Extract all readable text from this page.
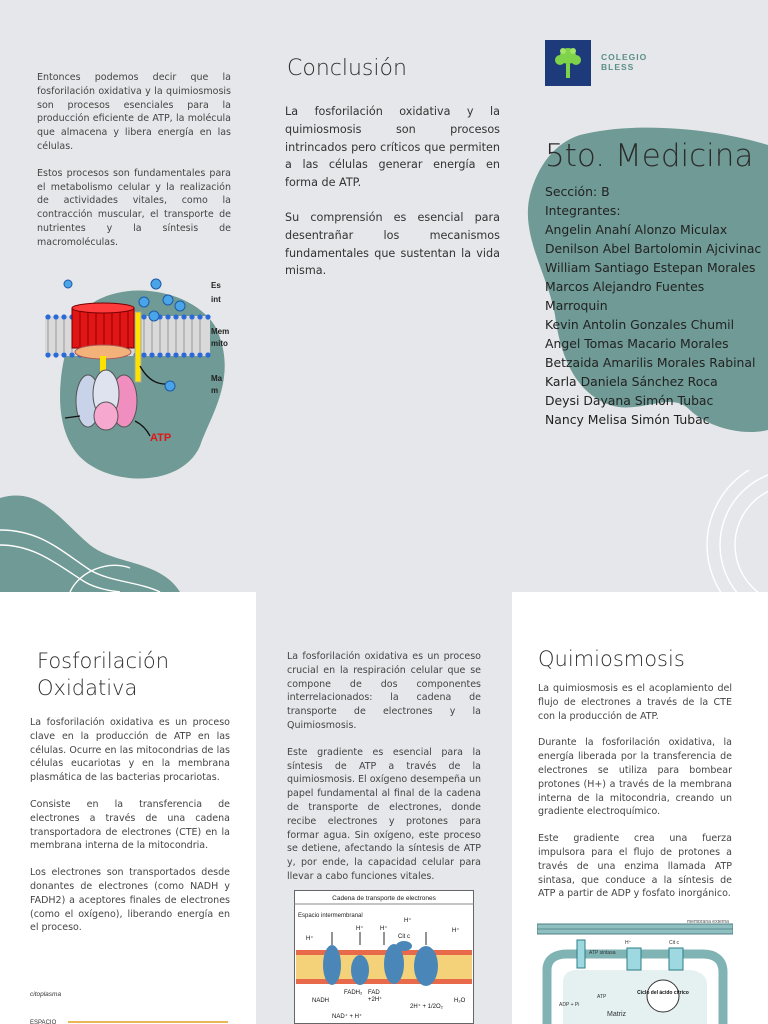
Entonces podemos decir que la fosforilación oxidativa y la quimiosmosis son procesos esenciales para la producción eficiente de ATP, la molécula que almacena y libera energía en las células.

Estos procesos son fundamentales para el metabolismo celular y la realización de actividades vitales, como la contracción muscular, el transporte de nutrientes y la síntesis de macromoléculas.

Es
int
Mem
mito
Ma
m
ATP
Conclusión

La fosforilación oxidativa y la quimiosmosis son procesos intrincados pero críticos que permiten a las células generar energía en forma de ATP.

Su comprensión es esencial para desentrañar los mecanismos fundamentales que sustentan la vida misma.

COLEGIO
BLESS
5to. Medicina
Sección: B
Integrantes:
Angelin Anahí Alonzo Miculax
Denilson Abel Bartolomin Ajcivinac
William Santiago Estepan Morales
Marcos Alejandro Fuentes Marroquin
Kevin Antolin Gonzales Chumil
Angel Tomas Macario Morales
Betzaida Amarilis Morales Rabinal
Karla Daniela Sánchez Roca
Deysi Dayana Simón Tubac
Nancy Melisa Simón Tubac
Fosforilación
Oxidativa

La fosforilación oxidativa es un proceso clave en la producción de ATP en las células. Ocurre en las mitocondrias de las células eucariotas y en la membrana plasmática de las bacterias procariotas.

Consiste en la transferencia de electrones a través de una cadena transportadora de electrones (CTE) en la membrana interna de la mitocondria.

Los electrones son transportados desde donantes de electrones (como NADH y FADH2) a aceptores finales de electrones (como el oxígeno), liberando energía en el proceso.

citoplasma
ESPACIO

La fosforilación oxidativa es un proceso crucial en la respiración celular que se compone de dos componentes interrelacionados: la cadena de transporte de electrones y la Quimiosmosis.

Este gradiente es esencial para la síntesis de ATP a través de la quimiosmosis. El oxígeno desempeña un papel fundamental al final de la cadena de transporte de electrones, donde recibe electrones y protones para formar agua. Sin oxígeno, este proceso se detiene, afectando la síntesis de ATP y, por ende, la capacidad celular para llevar a cabo funciones vitales.

Cadena de transporte de electrones
Espacio intermembranal
H⁺
H⁺	H⁺
H⁺
H⁺
Cit c
NADH
FADH₂ FAD
+2H⁺
NAD⁺ + H⁺
2H⁺ + 1/2O₂
H₂O
Quimiosmosis

La quimiosmosis es el acoplamiento del flujo de electrones a través de la CTE con la producción de ATP.

Durante la fosforilación oxidativa, la energía liberada por la transferencia de electrones se utiliza para bombear protones (H+) a través de la membrana interna de la mitocondria, creando un gradiente electroquímico.

Este gradiente crea una fuerza impulsora para el flujo de protones a través de una enzima llamada ATP sintasa, que conduce a la síntesis de ATP a partir de ADP y fosfato inorgánico.

membrana externa
ATP sintasa
ADP + Pi
ATP
Matriz
Ciclo del ácido cítrico
Cit c
H⁺
